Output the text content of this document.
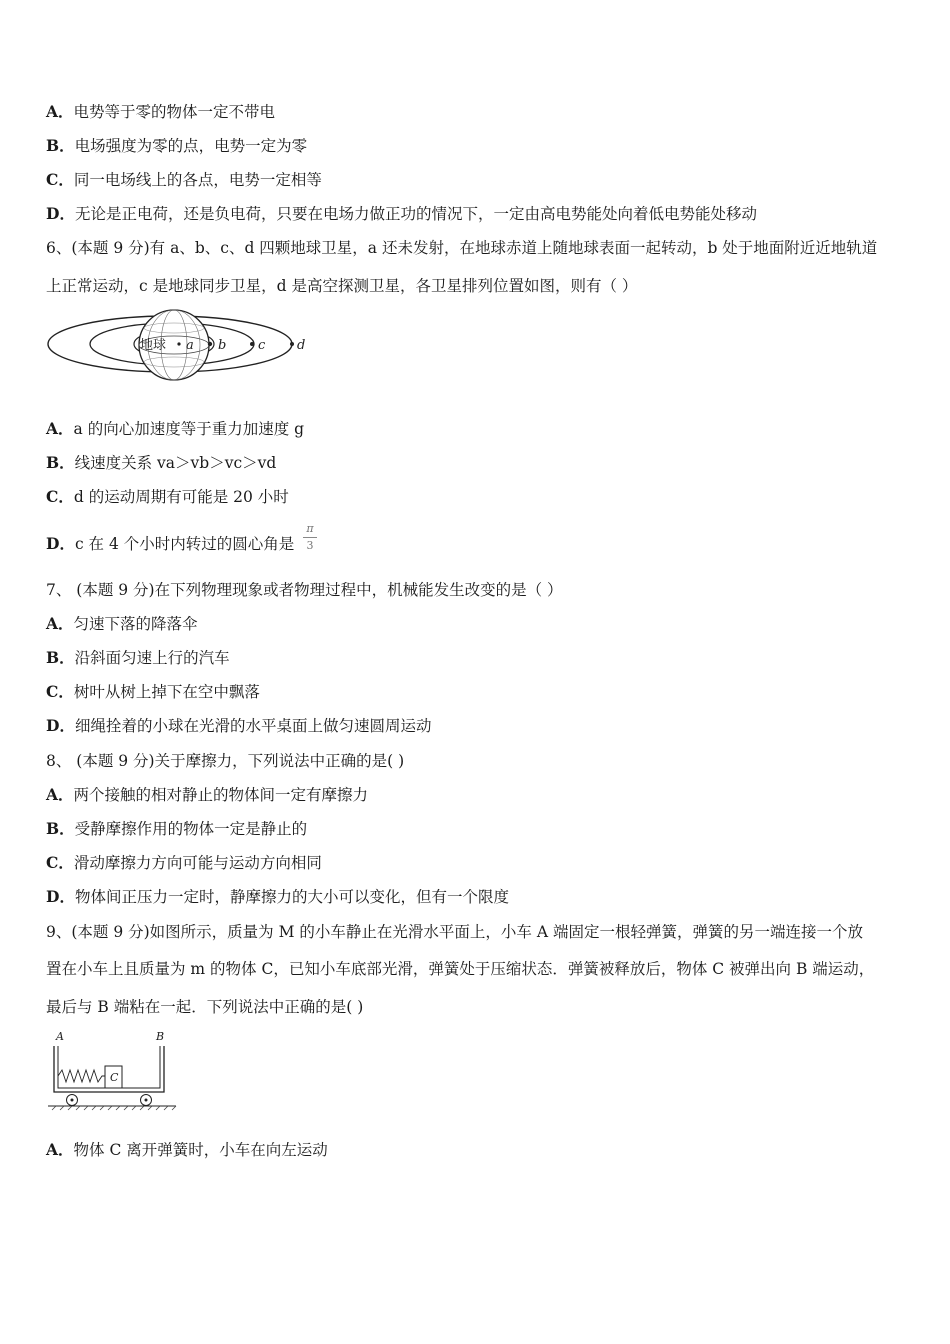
A．电势等于零的物体一定不带电
B．电场强度为零的点，电势一定为零
C．同一电场线上的各点，电势一定相等
D．无论是正电荷，还是负电荷，只要在电场力做正功的情况下，一定由高电势能处向着低电势能处移动
6、(本题 9 分)有 a、b、c、d 四颗地球卫星，a 还未发射，在地球赤道上随地球表面一起转动，b 处于地面附近近地轨道
上正常运动，c 是地球同步卫星，d 是高空探测卫星，各卫星排列位置如图，则有（ ）
地球 a b c d
A．a 的向心加速度等于重力加速度 g
B．线速度关系 va＞vb＞vc＞vd
C．d 的运动周期有可能是 20 小时
D．c 在 4 个小时内转过的圆心角是
π
3
7、 (本题 9 分)在下列物理现象或者物理过程中，机械能发生改变的是（ ）
A．匀速下落的降落伞
B．沿斜面匀速上行的汽车
C．树叶从树上掉下在空中飘落
D．细绳拴着的小球在光滑的水平桌面上做匀速圆周运动
8、 (本题 9 分)关于摩擦力，下列说法中正确的是( )
A．两个接触的相对静止的物体间一定有摩擦力
B．受静摩擦作用的物体一定是静止的
C．滑动摩擦力方向可能与运动方向相同
D．物体间正压力一定时，静摩擦力的大小可以变化，但有一个限度
9、(本题 9 分)如图所示，质量为 M 的小车静止在光滑水平面上，小车 A 端固定一根轻弹簧，弹簧的另一端连接一个放
置在小车上且质量为 m 的物体 C，已知小车底部光滑，弹簧处于压缩状态．弹簧被释放后，物体 C 被弹出向 B 端运动，
最后与 B 端粘在一起．下列说法中正确的是( )
A	B
C
A．物体 C 离开弹簧时，小车在向左运动
